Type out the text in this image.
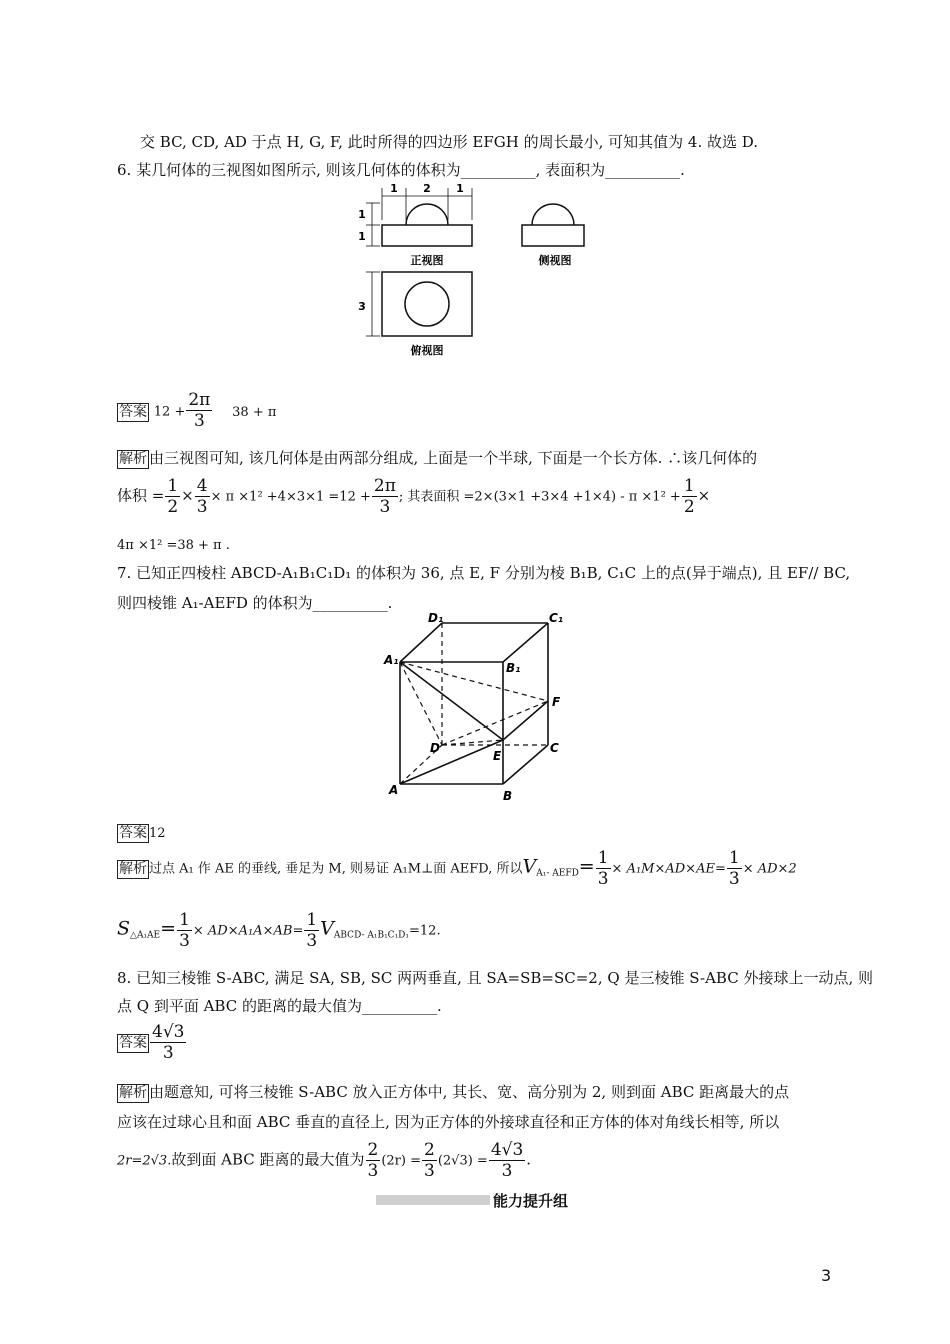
交 BC, CD, AD 于点 H, G, F, 此时所得的四边形 EFGH 的周长最小, 可知其值为 4. 故选 D.
6. 某几何体的三视图如图所示, 则该几何体的体积为__________, 表面积为__________.
1 2 1
1
1
3
正视图	侧视图
俯视图
答案 $12 + \frac{2\pi}{3} 38 + \pi$
解析 由三视图可知, 该几何体是由两部分组成, 上面是一个半球, 下面是一个长方体. ∴该几何体的
体积 = $\frac{1}{2} \times \frac{4}{3} \times \pi \times 1^2 +4\times 3\times 1 =12 + \frac{2\pi}{3}$ ; 其表面积 $=2\times(3\times 1 +3\times 4 +1\times 4) - \pi \times 1^2 + \frac{1}{2}$ ×
4π ×1² =38 + π .
7. 已知正四棱柱 ABCD-A₁B₁C₁D₁ 的体积为 36, 点 E, F 分别为棱 B₁B, C₁C 上的点(异于端点), 且 EF// BC,
则四棱锥 A₁-AEFD 的体积为__________.
D₁	C₁
A₁
B₁
F
D
E
C
A	B
答案 12
解析 过点 A₁ 作 AE 的垂线, 垂足为 M, 则易证 A₁M⊥面 AEFD, 所以$V_{A_1- AEFD}= \frac{1}{3} \times A_1M\times AD\times AE= \frac{1}{3} \times AD\times 2$
$S_{\triangle A_1AE}= \frac{1}{3} \times AD\times A_1A\times AB= \frac{1}{3} V_{ABCD- A_1B_1C_1D_1}=12$.
8. 已知三棱锥 S-ABC, 满足 SA, SB, SC 两两垂直, 且 SA=SB=SC=2, Q 是三棱锥 S-ABC 外接球上一动点, 则
点 Q 到平面 ABC 的距离的最大值为__________.
答案 $\frac{4√3}{3}$
解析 由题意知, 可将三棱锥 S-ABC 放入正方体中, 其长、宽、高分别为 2, 则到面 ABC 距离最大的点
应该在过球心且和面 ABC 垂直的直径上, 因为正方体的外接球直径和正方体的体对角线长相等, 所以
2r=2√3.故到面 ABC 距离的最大值为 $\frac{2}{3} (2r) = \frac{2}{3} (2√3) = \frac{4√3}{3}$ .
能力提升组
3
